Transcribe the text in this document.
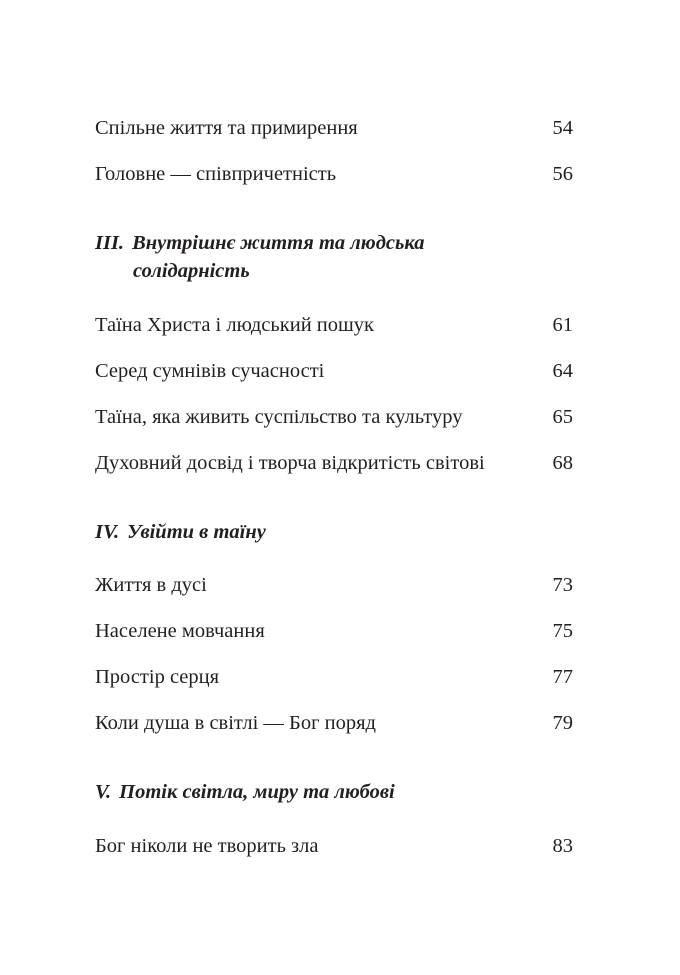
Спільне життя та примирення	54
Головне — співпричетність	56
III. Внутрішнє життя та людська
солідарність
Таїна Христа і людський пошук	61
Серед сумнівів сучасності	64
Таїна, яка живить суспільство та культуру	65
Духовний досвід і творча відкритість світові	68
IV. Увійти в таїну
Життя в дусі	73
Населене мовчання	75
Простір серця	77
Коли душа в світлі — Бог поряд	79
V. Потік світла, миру та любові
Бог ніколи не творить зла	83
